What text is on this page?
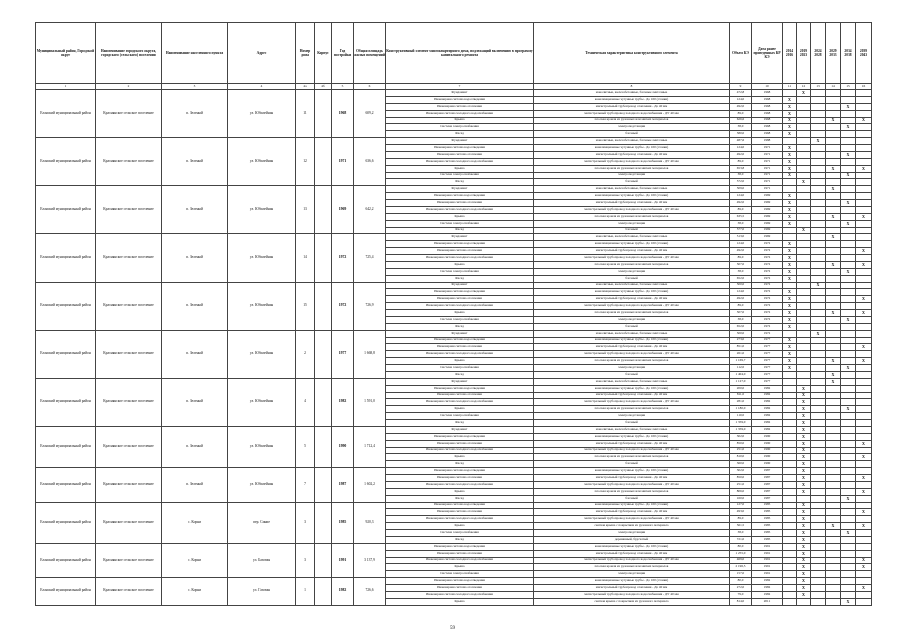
Муниципальный район, Городской округ	Наименование городского округа, городского (сельского) поселения	Наименование населенного пункта	Адрес	Номер дома	Корпус	Год постройки	Общая площадь жилых помещений	Конструктивный элемент многоквартирного дома, подлежащий включению в программу капитального ремонта	Техническая характеристика конструктивного элемента	Объем КЭ	Дата ранее проведенных КР КЭ	2014 2016	2019 2023	2024 2028	2029 2033	2034 2038	2039 2043
1	2	3	4	4а	4б	5	6	7	8	9	10	11	12	13	14	15	16
Еланский муниципальный район	Краснянское сельское поселение	п. Зеленый	ул. Юбилейная	11		1968	609,2	Фундамент	монолитные, железобетонные, блочные ленточные	472,8	1968		X				
								Инженерная система водоотведения	канализационные чугунные трубы - До 100 (стояки)	124,0	1968	X					
								Инженерная система отопления	магистральный трубопровод отопления - До 40 мм	492,0	1968	X				X	
								Инженерная система холодного водоснабжения	магистральный трубопровод холодного водоснабжения - ДУ 40 мм	89,0	1968	X					
								Крыша	плоская кровля из рулонных или мягких материалов	626,6	1968	X			X		X
								Система электроснабжения	электроподстанция	38,0	1968	X				X	
								Фасад	блочный	580,0	1968	X					
Еланский муниципальный район	Краснянское сельское поселение	п. Зеленый	ул. Юбилейная	12		1971	636,6	Фундамент	монолитные, железобетонные, блочные ленточные	487,6	1988			X			
								Инженерная система водоотведения	канализационные чугунные трубы - До 100 (стояки)	124,0	1971	X					
								Инженерная система отопления	магистральный трубопровод отопления - До 40 мм	492,0	1971	X				X	
								Инженерная система холодного водоснабжения	магистральный трубопровод холодного водоснабжения - ДУ 40 мм	89,0	1971	X					
								Крыша	плоская кровля из рулонных или мягких материалов	653,8	1971	X			X		X
								Система электроснабжения	электроподстанция	38,0	1971	X				X	
								Фасад	блочный	572,0	1971		X				
Еланский муниципальный район	Краснянское сельское поселение	п. Зеленый	ул. Юбилейная	13		1969	642,2	Фундамент	монолитные, железобетонные, блочные ленточные	509,0	1971				X		
								Инженерная система водоотведения	канализационные чугунные трубы - До 100 (стояки)	124,0	1969	X					
								Инженерная система отопления	магистральный трубопровод отопления - До 40 мм	492,0	1969	X				X	
								Инженерная система холодного водоснабжения	магистральный трубопровод холодного водоснабжения - ДУ 40 мм	89,0	1969	X					
								Крыша	плоская кровля из рулонных или мягких материалов	635,5	1969	X			X		X
								Система электроснабжения	электроподстанция	38,0	1969	X				X	
								Фасад	блочный	577,0	1969		X				
Еланский муниципальный район	Краснянское сельское поселение	п. Зеленый	ул. Юбилейная	14		1972	725,4	Фундамент	монолитные, железобетонные, блочные ленточные	513,0	1969				X		
								Инженерная система водоотведения	канализационные чугунные трубы - До 100 (стояки)	124,0	1972	X					
								Инженерная система отопления	магистральный трубопровод отопления - До 40 мм	492,0	1972	X					X
								Инженерная система холодного водоснабжения	магистральный трубопровод холодного водоснабжения - ДУ 40 мм	89,0	1972	X					
								Крыша	плоская кровля из рулонных или мягких материалов	507,0	1972	X			X		X
								Система электроснабжения	электроподстанция	38,0	1972	X				X	
								Фасад	блочный	652,0	1972	X					
Еланский муниципальный район	Краснянское сельское поселение	п. Зеленый	ул. Юбилейная	15		1972	726,9	Фундамент	монолитные, железобетонные, блочные ленточные	500,0	1972			X			
								Инженерная система водоотведения	канализационные чугунные трубы - До 100 (стояки)	124,0	1972	X					
								Инженерная система отопления	магистральный трубопровод отопления - До 40 мм	492,0	1972	X					X
								Инженерная система холодного водоснабжения	магистральный трубопровод холодного водоснабжения - ДУ 40 мм	89,0	1972	X					
								Крыша	плоская кровля из рулонных или мягких материалов	507,0	1972	X			X		X
								Система электроснабжения	электроподстанция	38,0	1972	X				X	
								Фасад	блочный	652,0	1972	X					
Еланский муниципальный район	Краснянское сельское поселение	п. Зеленый	ул. Юбилейная	2		1977	1 668,8	Фундамент	монолитные, железобетонные, блочные ленточные	500,0	1972			X			
								Инженерная система водоотведения	канализационные чугунные трубы - До 100 (стояки)	273,0	1977	X					
								Инженерная система отопления	магистральный трубопровод отопления - До 40 мм	851,0	1977	X					X
								Инженерная система холодного водоснабжения	магистральный трубопровод холодного водоснабжения - ДУ 40 мм	261,0	1977	X					
								Крыша	плоская кровля из рулонных или мягких материалов	1 169,7	1977	X			X		X
								Система электроснабжения	электроподстанция	112,0	1977	X				X	
								Фасад	блочный	1 404,0	1977				X		
Еланский муниципальный район	Краснянское сельское поселение	п. Зеленый	ул. Юбилейная	4		1982	1 591,0	Фундамент	монолитные, железобетонные, блочные ленточные	1 127,0	1977				X		
								Инженерная система водоотведения	канализационные чугунные трубы - До 100 (стояки)	200,0	1982		X				
								Инженерная система отопления	магистральный трубопровод отопления - До 40 мм	811,0	1982		X				
								Инженерная система холодного водоснабжения	магистральный трубопровод холодного водоснабжения - ДУ 40 мм	281,0	1982		X				
								Крыша	плоская кровля из рулонных или мягких материалов	1 180,0	1982		X			X	
								Система электроснабжения	электроподстанция	110,0	1982		X				
								Фасад	блочный	1 359,0	1982		X				
Еланский муниципальный район	Краснянское сельское поселение	п. Зеленый	ул. Юбилейная	5		1990	1 712,4	Фундамент	монолитные, железобетонные, блочные ленточные	1 359,0	1982		X				
								Инженерная система водоотведения	канализационные чугунные трубы - До 100 (стояки)	302,0	1990		X				
								Инженерная система отопления	магистральный трубопровод отопления - До 40 мм	850,0	1990		X				X
								Инженерная система холодного водоснабжения	магистральный трубопровод холодного водоснабжения - ДУ 40 мм	251,0	1990		X				
								Крыша	плоская кровля из рулонных или мягких материалов	810,0	1990		X				X
								Фасад	блочный	360,0	1990		X				
Еланский муниципальный район	Краснянское сельское поселение	п. Зеленый	ул. Юбилейная	7		1987	1 602,2	Инженерная система водоотведения	канализационные чугунные трубы - До 100 (стояки)	302,0	1987		X				
								Инженерная система отопления	магистральный трубопровод отопления - До 40 мм	850,0	1987		X				X
								Инженерная система холодного водоснабжения	магистральный трубопровод холодного водоснабжения - ДУ 40 мм	251,0	1987		X				
								Крыша	плоская кровля из рулонных или мягких материалов	806,0	1987		X				X
								Фасад	блочный	160,0	1987					X	
Еланский муниципальный район	Краснянское сельское поселение	с. Корни	пер. Синие	3		1985	920,3	Инженерная система водоотведения	канализационные чугунные трубы - До 100 (стояки)	127,0	1985		X				
								Инженерная система отопления	магистральный трубопровод отопления - До 40 мм	493,0	1985		X				X
								Инженерная система холодного водоснабжения	магистральный трубопровод холодного водоснабжения - ДУ 40 мм	89,0	1985		X				
								Крыша	скатная крыша с покрытием из рулонного материала	561,5	1985		X		X		X
								Система электроснабжения	электроподстанция	38,0	1985		X			X	
								Фасад	деревянный, брусчатый	721,0	1985		X				
Еланский муниципальный район	Краснянское сельское поселение	с. Корни	ул. Базовая	3		1991	3 137,9	Инженерная система водоотведения	канализационные чугунные трубы - До 100 (стояки)	80,0	1991		X				
								Инженерная система отопления	магистральный трубопровод отопления - До 40 мм	1 255,0	1991		X				
								Инженерная система холодного водоснабжения	магистральный трубопровод холодного водоснабжения - ДУ 40 мм	469,0	1991		X				X
								Крыша	плоская кровля из рулонных или мягких материалов	2 196,5	1991		X				X
								Система электроснабжения	электроподстанция	157,0	1991		X				
Еланский муниципальный район	Краснянское сельское поселение	с. Корни	ул. Газовая	1		1982	726,6	Инженерная система водоотведения	канализационные чугунные трубы - До 100 (стояки)	80,0	1982		X				
								Инженерная система отопления	магистральный трубопровод отопления - До 40 мм	272,0	1982		X				X
								Инженерная система холодного водоснабжения	магистральный трубопровод холодного водоснабжения - ДУ 40 мм	79,0	1982		X				
								Крыша	скатная крыша с покрытием из рулонного материала	814,0	2011					X	
59
